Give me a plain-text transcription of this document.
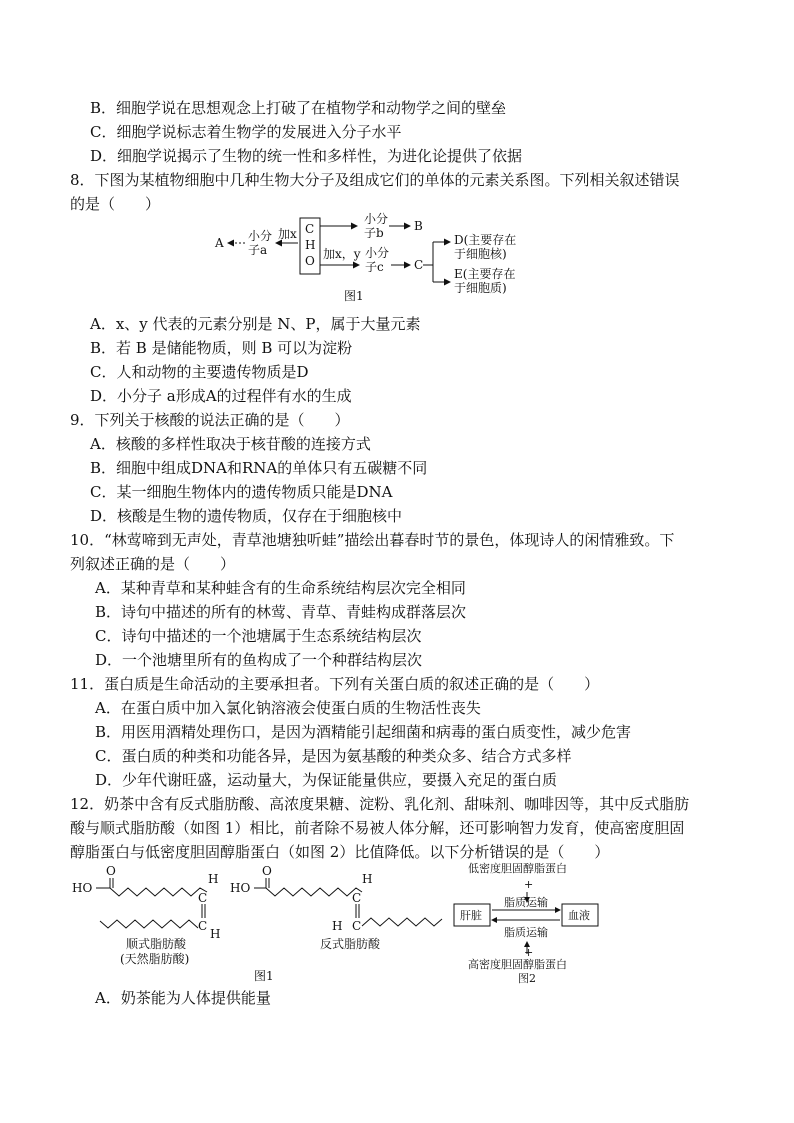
B．细胞学说在思想观念上打破了在植物学和动物学之间的壁垒
C．细胞学说标志着生物学的发展进入分子水平
D．细胞学说揭示了生物的统一性和多样性，为进化论提供了依据
8．下图为某植物细胞中几种生物大分子及组成它们的单体的元素关系图。下列相关叙述错误
的是（　　）
A 小分
子a
加x C
H
O
小分
子b	B
加x，y 小分
子c	C
D(主要存在
于细胞核)
E(主要存在
于细胞质)
图1
A．x、y 代表的元素分别是 N、P，属于大量元素
B．若 B 是储能物质，则 B 可以为淀粉
C．人和动物的主要遗传物质是D
D．小分子 a形成A的过程伴有水的生成
9．下列关于核酸的说法正确的是（　　）
A．核酸的多样性取决于核苷酸的连接方式
B．细胞中组成DNA和RNA的单体只有五碳糖不同
C．某一细胞生物体内的遗传物质只能是DNA
D．核酸是生物的遗传物质，仅存在于细胞核中
10．“林莺啼到无声处，青草池塘独听蛙”描绘出暮春时节的景色，体现诗人的闲情雅致。下
列叙述正确的是（　　）
A．某种青草和某种蛙含有的生命系统结构层次完全相同
B．诗句中描述的所有的林莺、青草、青蛙构成群落层次
C．诗句中描述的一个池塘属于生态系统结构层次
D．一个池塘里所有的鱼构成了一个种群结构层次
11．蛋白质是生命活动的主要承担者。下列有关蛋白质的叙述正确的是（　　）
A．在蛋白质中加入氯化钠溶液会使蛋白质的生物活性丧失
B．用医用酒精处理伤口，是因为酒精能引起细菌和病毒的蛋白质变性，减少危害
C．蛋白质的种类和功能各异，是因为氨基酸的种类众多、结合方式多样
D．少年代谢旺盛，运动量大，为保证能量供应，要摄入充足的蛋白质
12．奶茶中含有反式脂肪酸、高浓度果糖、淀粉、乳化剂、甜味剂、咖啡因等，其中反式脂肪
酸与顺式脂肪酸（如图 1）相比，前者除不易被人体分解，还可影响智力发育，使高密度胆固
醇脂蛋白与低密度胆固醇脂蛋白（如图 2）比值降低。以下分析错误的是（　　）
HO
O
H
C
C
H
顺式脂肪酸
(天然脂肪酸)
HO
O
H
C
H C
反式脂肪酸
图1
低密度胆固醇脂蛋白
+
脂质运输
肝脏	血液
脂质运输
+
高密度胆固醇脂蛋白
图2
A．奶茶能为人体提供能量
